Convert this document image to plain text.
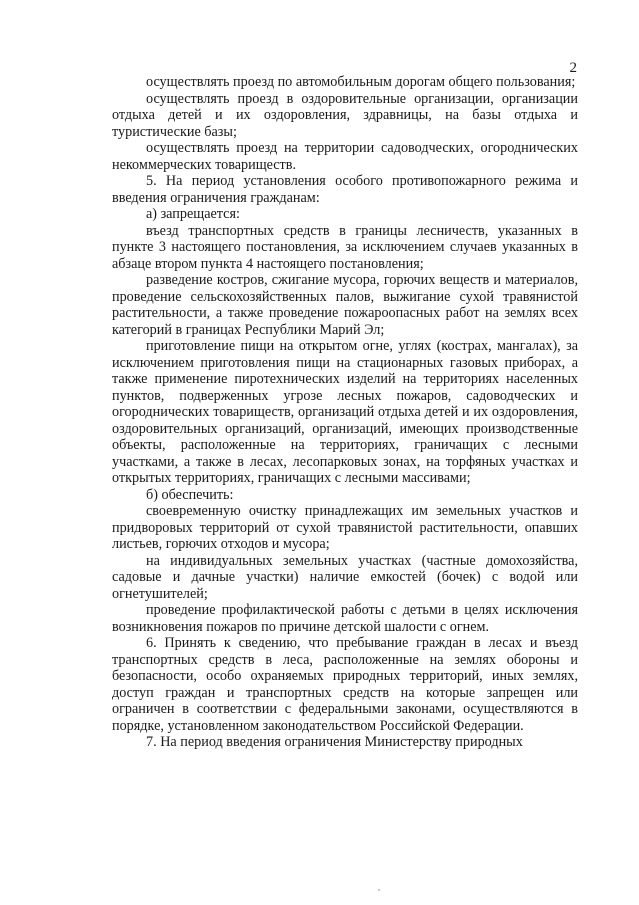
2

осуществлять проезд по автомобильным дорогам общего пользования;

осуществлять проезд в оздоровительные организации, организации отдыха детей и их оздоровления, здравницы, на базы отдыха и туристические базы;

осуществлять проезд на территории садоводческих, огороднических некоммерческих товариществ.

5. На период установления особого противопожарного режима и введения ограничения гражданам:

а) запрещается:

въезд транспортных средств в границы лесничеств, указанных в пункте 3 настоящего постановления, за исключением случаев указанных в абзаце втором пункта 4 настоящего постановления;

разведение костров, сжигание мусора, горючих веществ и материалов, проведение сельскохозяйственных палов, выжигание сухой травянистой растительности, а также проведение пожароопасных работ на землях всех категорий в границах Республики Марий Эл;

приготовление пищи на открытом огне, углях (кострах, мангалах), за исключением приготовления пищи на стационарных газовых приборах, а также применение пиротехнических изделий на территориях населенных пунктов, подверженных угрозе лесных пожаров, садоводческих и огороднических товариществ, организаций отдыха детей и их оздоровления, оздоровительных организаций, организаций, имеющих производственные объекты, расположенные на территориях, граничащих с лесными участками, а также в лесах, лесопарковых зонах, на торфяных участках и открытых территориях, граничащих с лесными массивами;

б) обеспечить:

своевременную очистку принадлежащих им земельных участков и придворовых территорий от сухой травянистой растительности, опавших листьев, горючих отходов и мусора;

на индивидуальных земельных участках (частные домохозяйства, садовые и дачные участки) наличие емкостей (бочек) с водой или огнетушителей;

проведение профилактической работы с детьми в целях исключения возникновения пожаров по причине детской шалости с огнем.

6. Принять к сведению, что пребывание граждан в лесах и въезд транспортных средств в леса, расположенные на землях обороны и безопасности, особо охраняемых природных территорий, иных землях, доступ граждан и транспортных средств на которые запрещен или ограничен в соответствии с федеральными законами, осуществляются в порядке, установленном законодательством Российской Федерации.

7. На период введения ограничения Министерству природных
